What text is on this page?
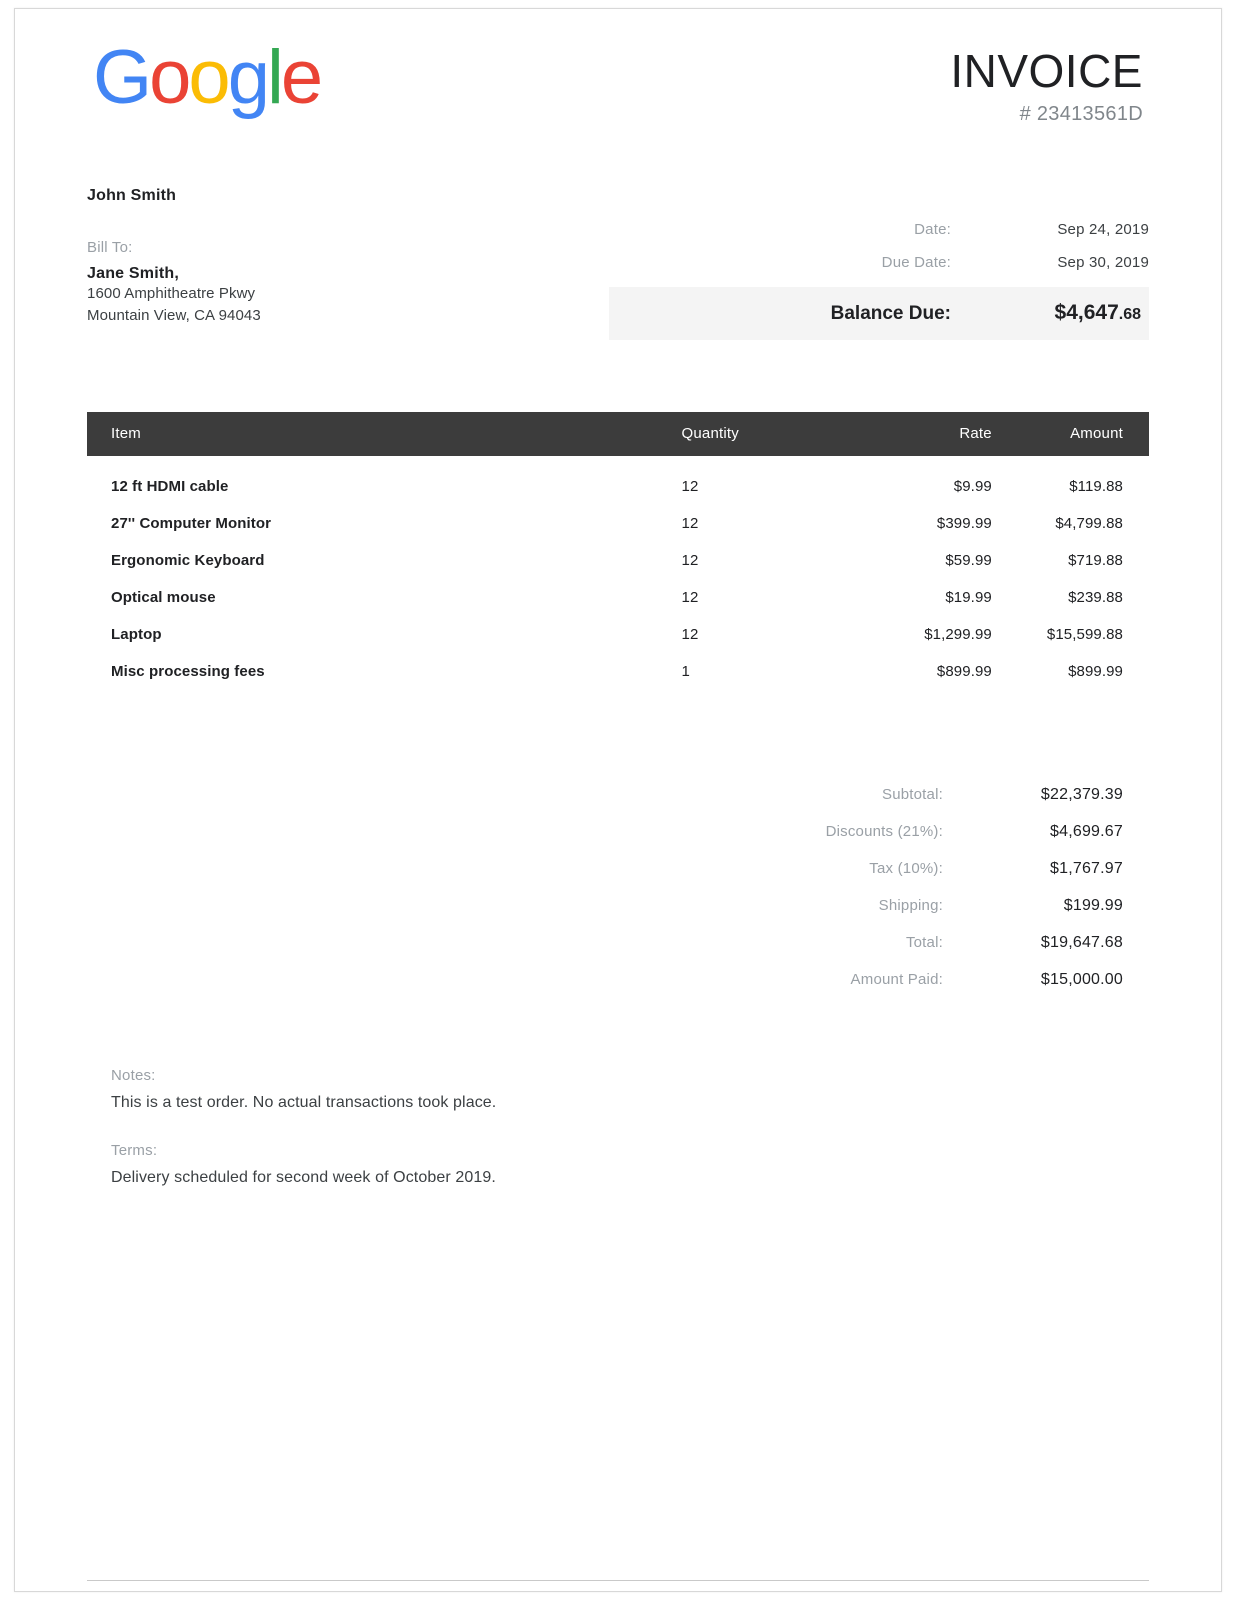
Google	INVOICE
# 23413561D
John Smith
Bill To:
Jane Smith,
1600 Amphitheatre Pkwy
Mountain View, CA 94043
Date:	Sep 24, 2019
Due Date:	Sep 30, 2019
Balance Due:	$4,647.68
Item	Quantity	Rate	Amount
12 ft HDMI cable	12	$9.99	$119.88
27'' Computer Monitor	12	$399.99	$4,799.88
Ergonomic Keyboard	12	$59.99	$719.88
Optical mouse	12	$19.99	$239.88
Laptop	12	$1,299.99	$15,599.88
Misc processing fees	1	$899.99	$899.99
Subtotal:	$22,379.39
Discounts (21%):	$4,699.67
Tax (10%):	$1,767.97
Shipping:	$199.99
Total:	$19,647.68
Amount Paid:	$15,000.00
Notes:
This is a test order. No actual transactions took place.
Terms:
Delivery scheduled for second week of October 2019.
